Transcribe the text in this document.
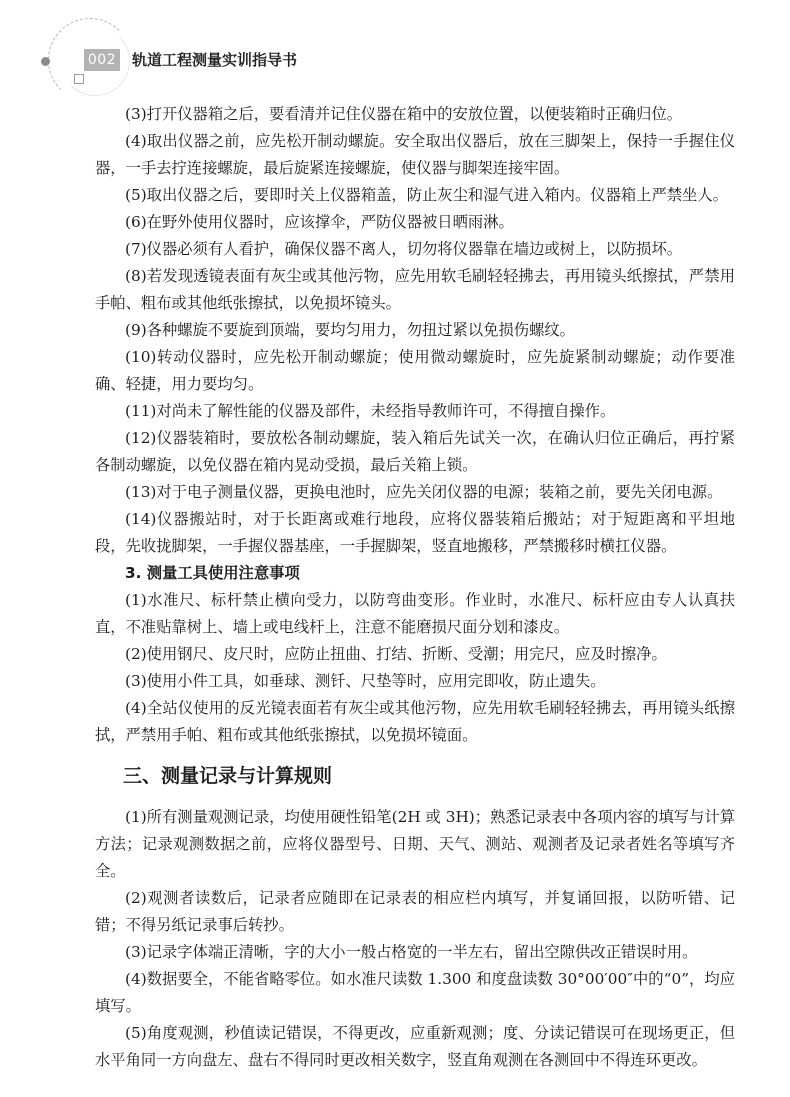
002 轨道工程测量实训指导书

(3)打开仪器箱之后，要看清并记住仪器在箱中的安放位置，以便装箱时正确归位。

(4)取出仪器之前，应先松开制动螺旋。安全取出仪器后，放在三脚架上，保持一手握住仪器，一手去拧连接螺旋，最后旋紧连接螺旋，使仪器与脚架连接牢固。

(5)取出仪器之后，要即时关上仪器箱盖，防止灰尘和湿气进入箱内。仪器箱上严禁坐人。

(6)在野外使用仪器时，应该撑伞，严防仪器被日晒雨淋。

(7)仪器必须有人看护，确保仪器不离人，切勿将仪器靠在墙边或树上，以防损坏。

(8)若发现透镜表面有灰尘或其他污物，应先用软毛刷轻轻拂去，再用镜头纸擦拭，严禁用手帕、粗布或其他纸张擦拭，以免损坏镜头。

(9)各种螺旋不要旋到顶端，要均匀用力，勿扭过紧以免损伤螺纹。

(10)转动仪器时，应先松开制动螺旋；使用微动螺旋时，应先旋紧制动螺旋；动作要准确、轻捷，用力要均匀。

(11)对尚未了解性能的仪器及部件，未经指导教师许可，不得擅自操作。

(12)仪器装箱时，要放松各制动螺旋，装入箱后先试关一次，在确认归位正确后，再拧紧各制动螺旋，以免仪器在箱内晃动受损，最后关箱上锁。

(13)对于电子测量仪器，更换电池时，应先关闭仪器的电源；装箱之前，要先关闭电源。

(14)仪器搬站时，对于长距离或难行地段，应将仪器装箱后搬站；对于短距离和平坦地段，先收拢脚架，一手握仪器基座，一手握脚架，竖直地搬移，严禁搬移时横扛仪器。

3. 测量工具使用注意事项

(1)水准尺、标杆禁止横向受力，以防弯曲变形。作业时，水准尺、标杆应由专人认真扶直，不准贴靠树上、墙上或电线杆上，注意不能磨损尺面分划和漆皮。

(2)使用钢尺、皮尺时，应防止扭曲、打结、折断、受潮；用完尺，应及时擦净。

(3)使用小件工具，如垂球、测钎、尺垫等时，应用完即收，防止遗失。

(4)全站仪使用的反光镜表面若有灰尘或其他污物，应先用软毛刷轻轻拂去，再用镜头纸擦拭，严禁用手帕、粗布或其他纸张擦拭，以免损坏镜面。

三、测量记录与计算规则

(1)所有测量观测记录，均使用硬性铅笔(2H 或 3H)；熟悉记录表中各项内容的填写与计算方法；记录观测数据之前，应将仪器型号、日期、天气、测站、观测者及记录者姓名等填写齐全。

(2)观测者读数后，记录者应随即在记录表的相应栏内填写，并复诵回报，以防听错、记错；不得另纸记录事后转抄。

(3)记录字体端正清晰，字的大小一般占格宽的一半左右，留出空隙供改正错误时用。

(4)数据要全，不能省略零位。如水准尺读数 1.300 和度盘读数 30°00′00″中的“0”，均应填写。

(5)角度观测，秒值读记错误，不得更改，应重新观测；度、分读记错误可在现场更正，但水平角同一方向盘左、盘右不得同时更改相关数字，竖直角观测在各测回中不得连环更改。
